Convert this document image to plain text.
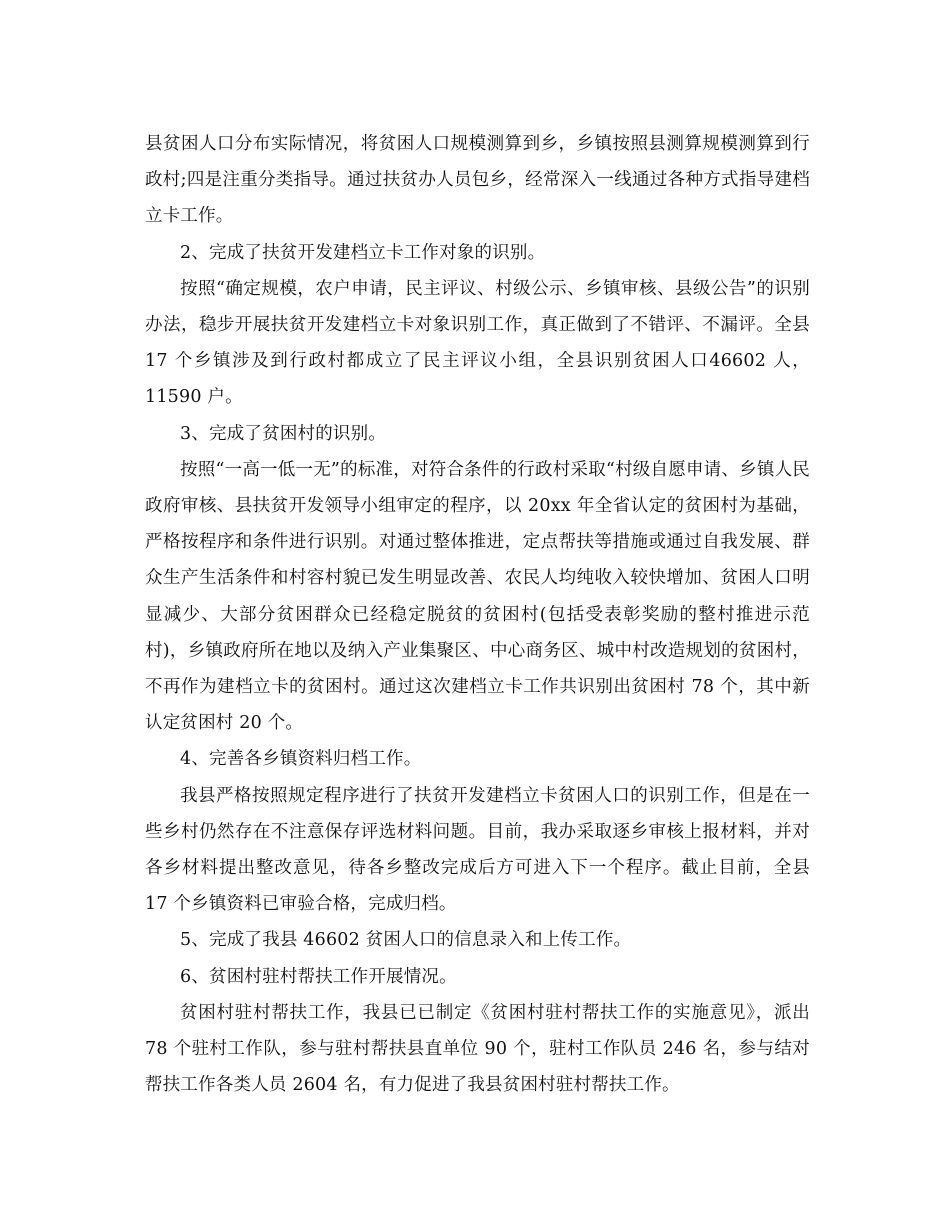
县贫困人口分布实际情况，将贫困人口规模测算到乡，乡镇按照县测算规模测算到行政村;四是注重分类指导。通过扶贫办人员包乡，经常深入一线通过各种方式指导建档立卡工作。

2、完成了扶贫开发建档立卡工作对象的识别。

按照“确定规模，农户申请，民主评议、村级公示、乡镇审核、县级公告”的识别办法，稳步开展扶贫开发建档立卡对象识别工作，真正做到了不错评、不漏评。全县 17 个乡镇涉及到行政村都成立了民主评议小组，全县识别贫困人口46602 人，11590 户。

3、完成了贫困村的识别。

按照“一高一低一无”的标准，对符合条件的行政村采取“村级自愿申请、乡镇人民政府审核、县扶贫开发领导小组审定的程序，以 20xx 年全省认定的贫困村为基础，严格按程序和条件进行识别。对通过整体推进，定点帮扶等措施或通过自我发展、群众生产生活条件和村容村貌已发生明显改善、农民人均纯收入较快增加、贫困人口明显减少、大部分贫困群众已经稳定脱贫的贫困村(包括受表彰奖励的整村推进示范村)，乡镇政府所在地以及纳入产业集聚区、中心商务区、城中村改造规划的贫困村，不再作为建档立卡的贫困村。通过这次建档立卡工作共识别出贫困村 78 个，其中新认定贫困村 20 个。

4、完善各乡镇资料归档工作。

我县严格按照规定程序进行了扶贫开发建档立卡贫困人口的识别工作，但是在一些乡村仍然存在不注意保存评选材料问题。目前，我办采取逐乡审核上报材料，并对各乡材料提出整改意见，待各乡整改完成后方可进入下一个程序。截止目前，全县 17 个乡镇资料已审验合格，完成归档。

5、完成了我县 46602 贫困人口的信息录入和上传工作。

6、贫困村驻村帮扶工作开展情况。

贫困村驻村帮扶工作，我县已已制定《贫困村驻村帮扶工作的实施意见》，派出 78 个驻村工作队，参与驻村帮扶县直单位 90 个，驻村工作队员 246 名，参与结对帮扶工作各类人员 2604 名，有力促进了我县贫困村驻村帮扶工作。
